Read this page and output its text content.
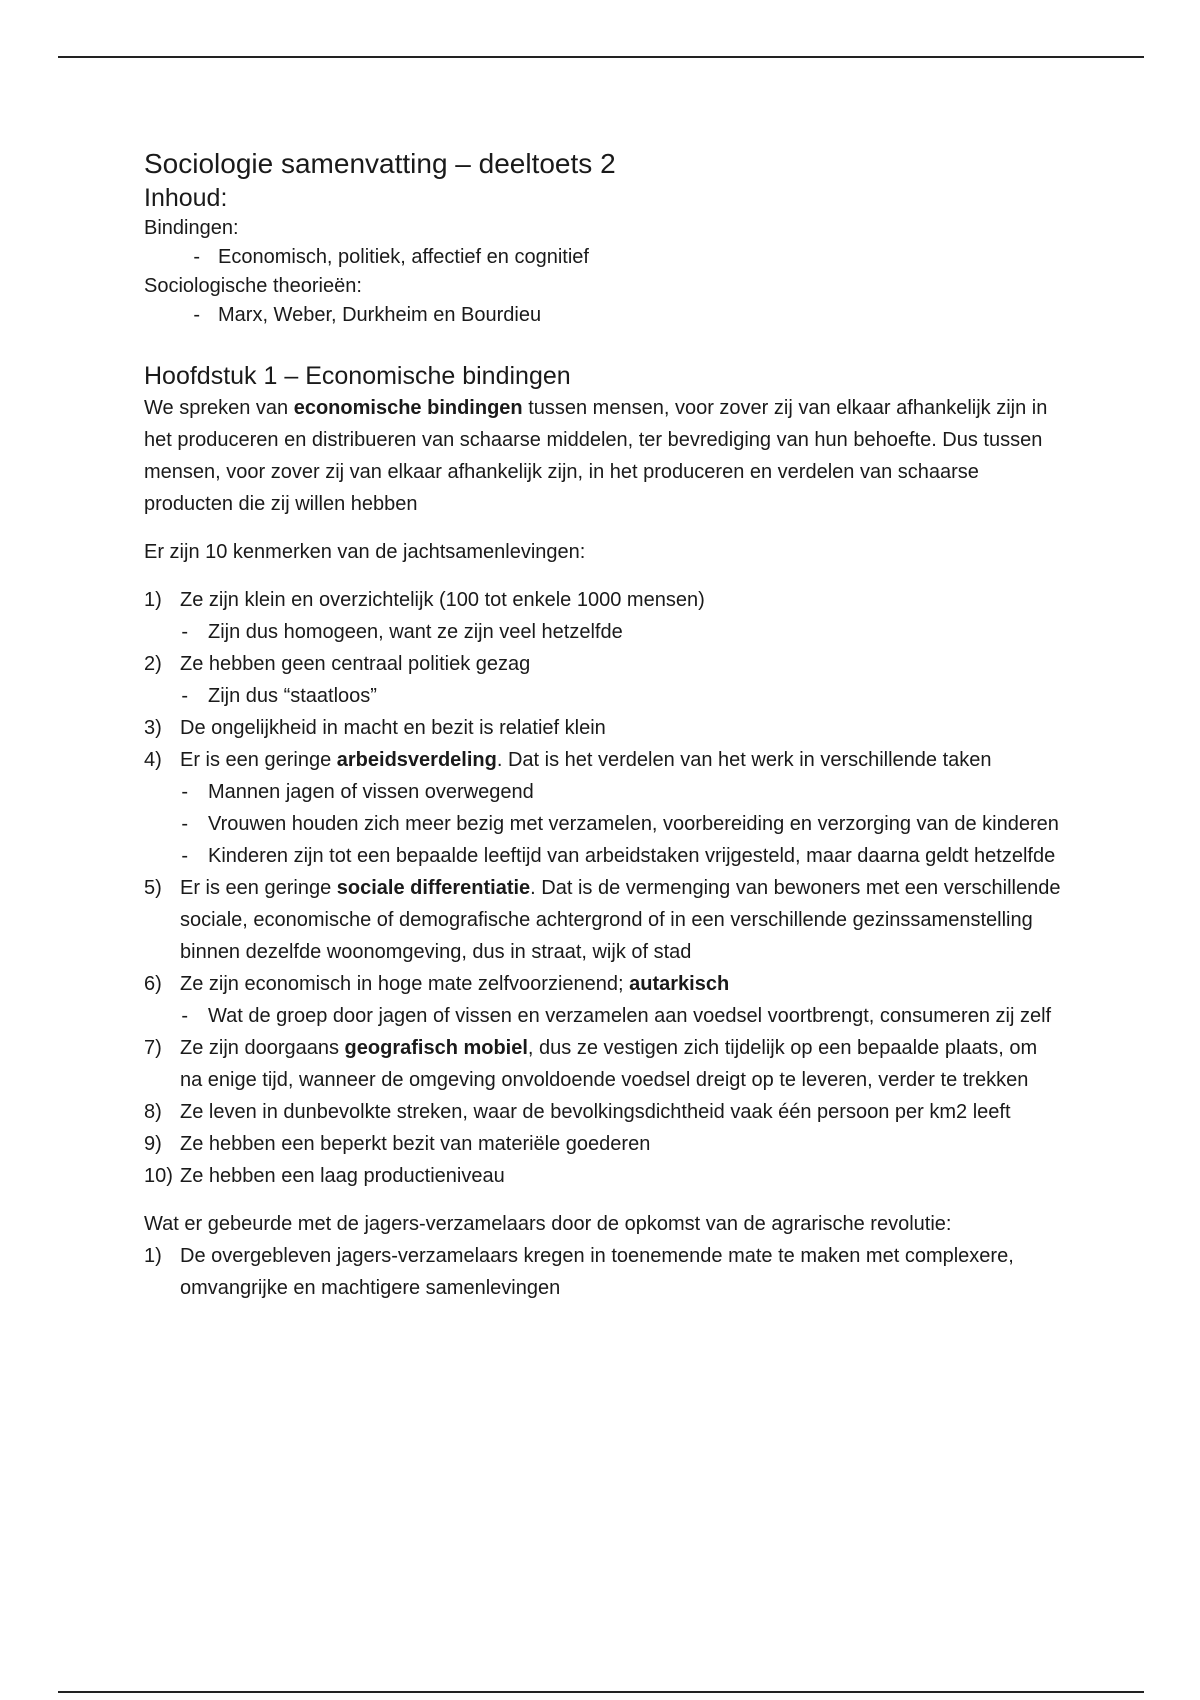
Sociologie samenvatting – deeltoets 2
Inhoud:

Bindingen:

- Economisch, politiek, affectief en cognitief

Sociologische theorieën:

- Marx, Weber, Durkheim en Bourdieu
Hoofdstuk 1 – Economische bindingen

We spreken van economische bindingen tussen mensen, voor zover zij van elkaar afhankelijk zijn in het produceren en distribueren van schaarse middelen, ter bevrediging van hun behoefte. Dus tussen mensen, voor zover zij van elkaar afhankelijk zijn, in het produceren en verdelen van schaarse producten die zij willen hebben

Er zijn 10 kenmerken van de jachtsamenlevingen:

1) Ze zijn klein en overzichtelijk (100 tot enkele 1000 mensen)
-	Zijn dus homogeen, want ze zijn veel hetzelfde
2) Ze hebben geen centraal politiek gezag
-	Zijn dus “staatloos”
3) De ongelijkheid in macht en bezit is relatief klein
4) Er is een geringe arbeidsverdeling. Dat is het verdelen van het werk in verschillende taken
-	Mannen jagen of vissen overwegend
-	Vrouwen houden zich meer bezig met verzamelen, voorbereiding en verzorging van de kinderen
-	Kinderen zijn tot een bepaalde leeftijd van arbeidstaken vrijgesteld, maar daarna geldt hetzelfde
5) Er is een geringe sociale differentiatie. Dat is de vermenging van bewoners met een verschillende sociale, economische of demografische achtergrond of in een verschillende gezinssamenstelling binnen dezelfde woonomgeving, dus in straat, wijk of stad
6) Ze zijn economisch in hoge mate zelfvoorzienend; autarkisch
-	Wat de groep door jagen of vissen en verzamelen aan voedsel voortbrengt, consumeren zij zelf
7) Ze zijn doorgaans geografisch mobiel, dus ze vestigen zich tijdelijk op een bepaalde plaats, om na enige tijd, wanneer de omgeving onvoldoende voedsel dreigt op te leveren, verder te trekken
8) Ze leven in dunbevolkte streken, waar de bevolkingsdichtheid vaak één persoon per km2 leeft
9) Ze hebben een beperkt bezit van materiële goederen
10) Ze hebben een laag productieniveau

Wat er gebeurde met de jagers-verzamelaars door de opkomst van de agrarische revolutie:

1) De overgebleven jagers-verzamelaars kregen in toenemende mate te maken met complexere, omvangrijke en machtigere samenlevingen
